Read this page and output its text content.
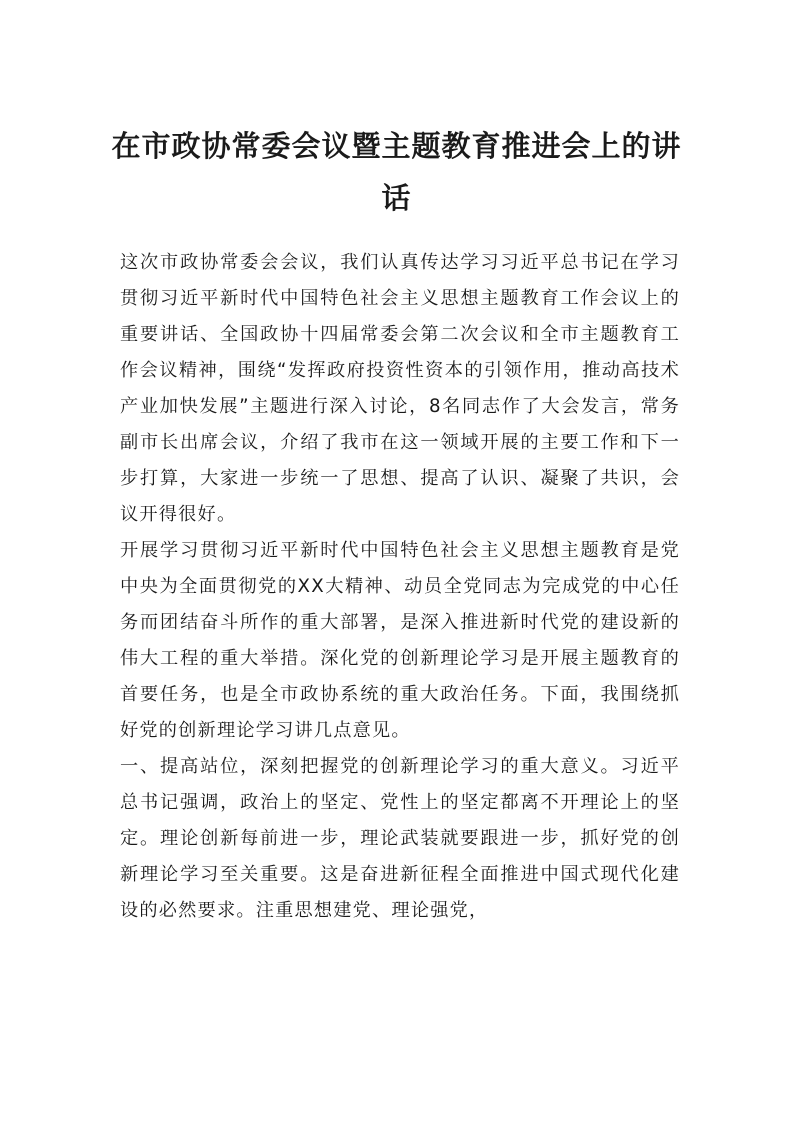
在市政协常委会议暨主题教育推进会上的讲话

这次市政协常委会会议，我们认真传达学习习近平总书记在学习贯彻习近平新时代中国特色社会主义思想主题教育工作会议上的重要讲话、全国政协十四届常委会第二次会议和全市主题教育工作会议精神，围绕“发挥政府投资性资本的引领作用，推动高技术产业加快发展”主题进行深入讨论，8名同志作了大会发言，常务副市长出席会议，介绍了我市在这一领域开展的主要工作和下一步打算，大家进一步统一了思想、提高了认识、凝聚了共识，会议开得很好。

开展学习贯彻习近平新时代中国特色社会主义思想主题教育是党中央为全面贯彻党的XX大精神、动员全党同志为完成党的中心任务而团结奋斗所作的重大部署，是深入推进新时代党的建设新的伟大工程的重大举措。深化党的创新理论学习是开展主题教育的首要任务，也是全市政协系统的重大政治任务。下面，我围绕抓好党的创新理论学习讲几点意见。

一、提高站位，深刻把握党的创新理论学习的重大意义。习近平总书记强调，政治上的坚定、党性上的坚定都离不开理论上的坚定。理论创新每前进一步，理论武装就要跟进一步，抓好党的创新理论学习至关重要。这是奋进新征程全面推进中国式现代化建设的必然要求。注重思想建党、理论强党，
